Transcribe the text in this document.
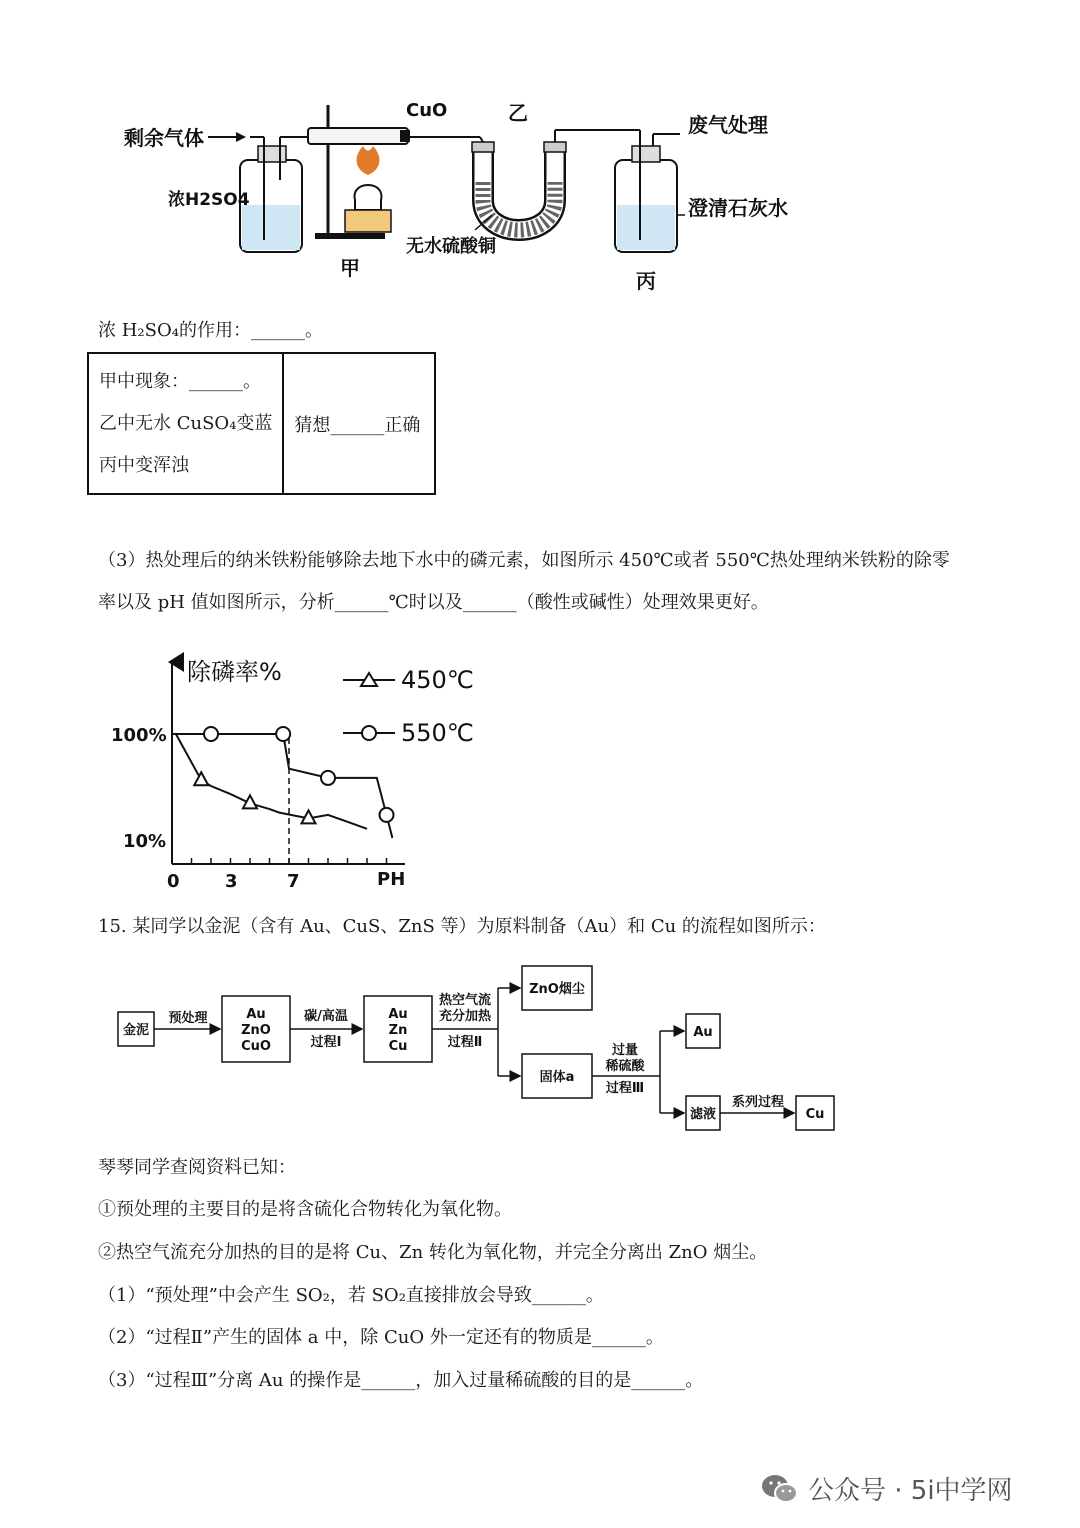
剩余气体
CuO	乙	废气处理
浓H2SO4	澄清石灰水
无水硫酸铜
甲
丙
浓 H₂SO₄的作用：______。
甲中现象：______。
乙中无水 CuSO₄变蓝
丙中变浑浊
	猜想______正确
（3）热处理后的纳米铁粉能够除去地下水中的磷元素，如图所示 450℃或者 550℃热处理纳米铁粉的除零
率以及 pH 值如图所示，分析______℃时以及______（酸性或碱性）处理效果更好。
除磷率%
PH
100%
10%
0	3	7
450℃
550℃
15. 某同学以金泥（含有 Au、CuS、ZnS 等）为原料制备（Au）和 Cu 的流程如图所示：
金泥
预处理	Au
ZnO
CuO
碳/高温
过程Ⅰ
Au
Zn
Cu
热空气流
充分加热
过程Ⅱ
ZnO烟尘
固体a
过量
稀硫酸
过程Ⅲ
Au
滤液
系列过程
Cu
琴琴同学查阅资料已知：
①预处理的主要目的是将含硫化合物转化为氧化物。
②热空气流充分加热的目的是将 Cu、Zn 转化为氧化物，并完全分离出 ZnO 烟尘。
（1）“预处理”中会产生 SO₂，若 SO₂直接排放会导致______。
（2）“过程Ⅱ”产生的固体 a 中，除 CuO 外一定还有的物质是______。
（3）“过程Ⅲ”分离 Au 的操作是______，加入过量稀硫酸的目的是______。
公众号 · 5i中学网
